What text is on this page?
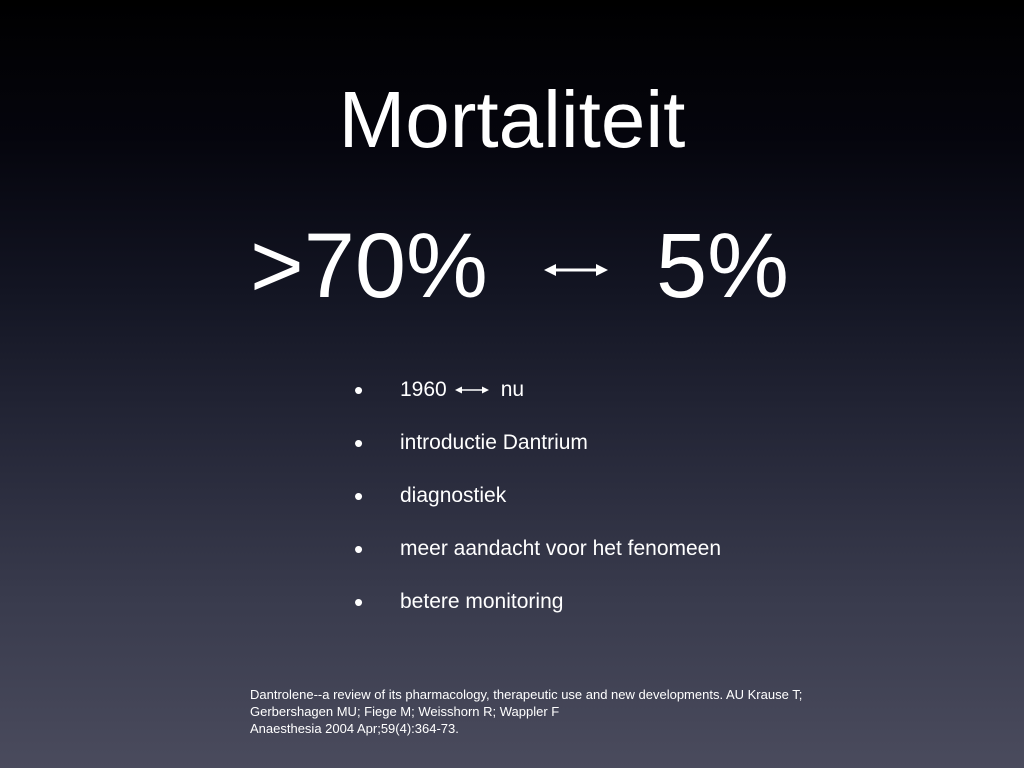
Mortaliteit
>70% 5%
• 1960	nu
• introductie Dantrium
• diagnostiek
• meer aandacht voor het fenomeen
• betere monitoring
Dantrolene--a review of its pharmacology, therapeutic use and new developments. AU Krause T;
Gerbershagen MU; Fiege M; Weisshorn R; Wappler F
Anaesthesia 2004 Apr;59(4):364-73.
